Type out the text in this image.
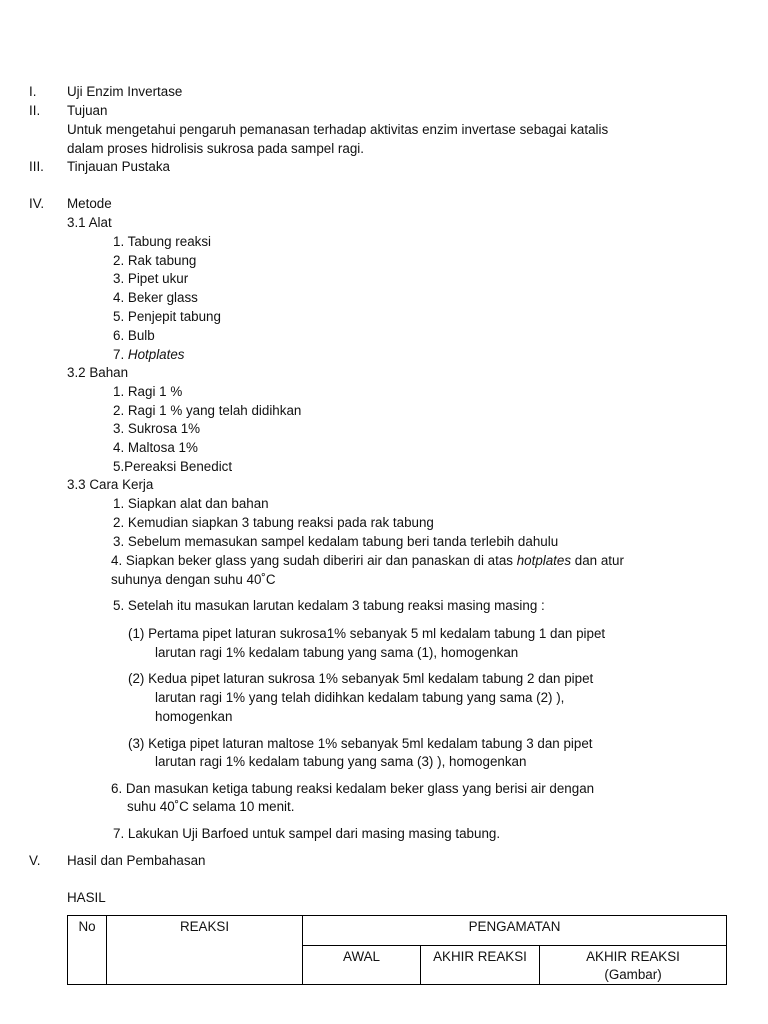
I. Uji Enzim Invertase
II. Tujuan
Untuk mengetahui pengaruh pemanasan terhadap aktivitas enzim invertase sebagai katalis
dalam proses hidrolisis sukrosa pada sampel ragi.
III. Tinjauan Pustaka
IV. Metode
3.1 Alat
1. Tabung reaksi
2. Rak tabung
3. Pipet ukur
4. Beker glass
5. Penjepit tabung
6. Bulb
7. Hotplates
3.2 Bahan
1. Ragi 1 %
2. Ragi 1 % yang telah didihkan
3. Sukrosa 1%
4. Maltosa 1%
5.Pereaksi Benedict
3.3 Cara Kerja
1. Siapkan alat dan bahan
2. Kemudian siapkan 3 tabung reaksi pada rak tabung
3. Sebelum memasukan sampel kedalam tabung beri tanda terlebih dahulu
4. Siapkan beker glass yang sudah diberiri air dan panaskan di atas hotplates dan atur
suhunya dengan suhu 40˚C
5. Setelah itu masukan larutan kedalam 3 tabung reaksi masing masing :
(1) Pertama pipet laturan sukrosa1% sebanyak 5 ml kedalam tabung 1 dan pipet
larutan ragi 1% kedalam tabung yang sama (1), homogenkan
(2) Kedua pipet laturan sukrosa 1% sebanyak 5ml kedalam tabung 2 dan pipet
larutan ragi 1% yang telah didihkan kedalam tabung yang sama (2) ),
homogenkan
(3) Ketiga pipet laturan maltose 1% sebanyak 5ml kedalam tabung 3 dan pipet
larutan ragi 1% kedalam tabung yang sama (3) ), homogenkan
6. Dan masukan ketiga tabung reaksi kedalam beker glass yang berisi air dengan
suhu 40˚C selama 10 menit.
7. Lakukan Uji Barfoed untuk sampel dari masing masing tabung.
V. Hasil dan Pembahasan
HASIL
No	REAKSI	PENGAMATAN		
		AWAL	AKHIR REAKSI	AKHIR REAKSI
(Gambar)
